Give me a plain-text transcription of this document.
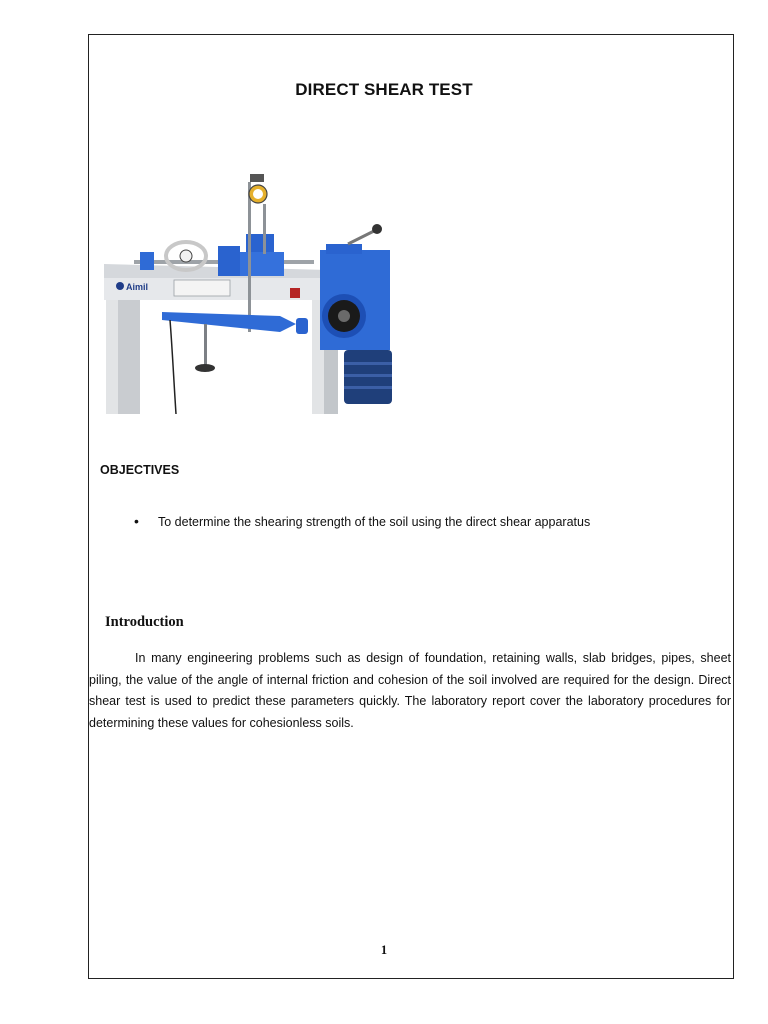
DIRECT SHEAR TEST
Aimil
OBJECTIVES
•	To determine the shearing strength of the soil using the direct shear apparatus
Introduction

In many engineering problems such as design of foundation, retaining walls, slab bridges, pipes, sheet piling, the value of the angle of internal friction and cohesion of the soil involved are required for the design. Direct shear test is used to predict these parameters quickly. The laboratory report cover the laboratory procedures for determining these values for cohesionless soils.

1
